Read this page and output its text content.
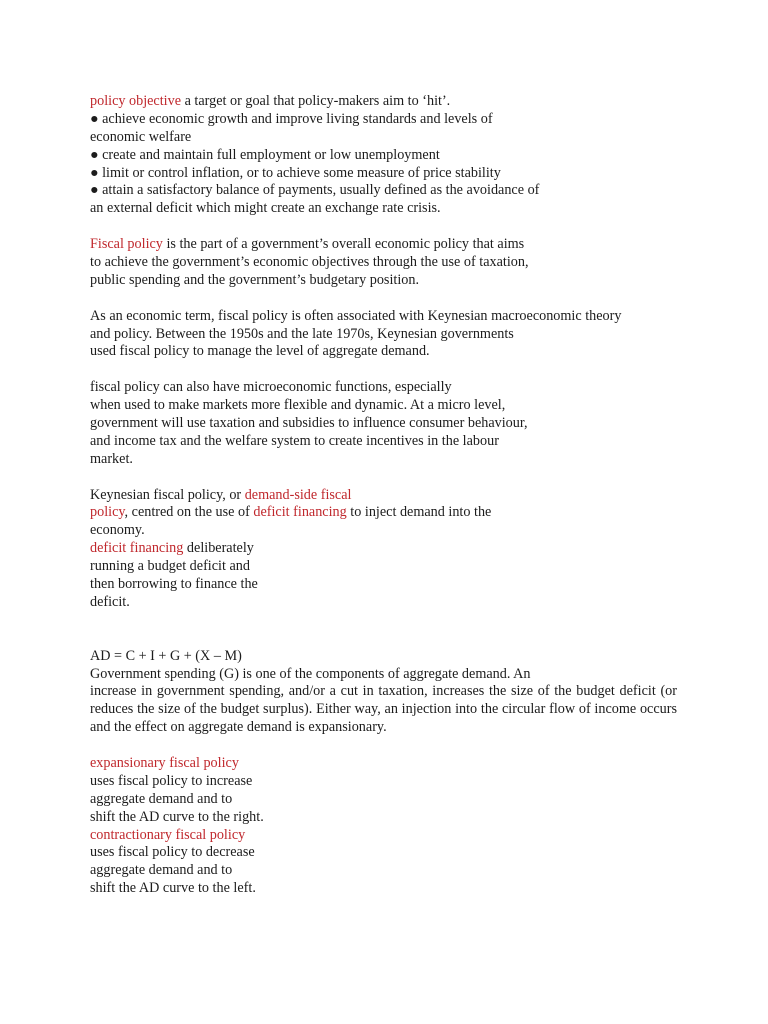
policy objective a target or goal that policy-makers aim to ‘hit’.
● achieve economic growth and improve living standards and levels of
economic welfare
● create and maintain full employment or low unemployment
● limit or control inflation, or to achieve some measure of price stability
● attain a satisfactory balance of payments, usually defined as the avoidance of
an external deficit which might create an exchange rate crisis.
Fiscal policy is the part of a government’s overall economic policy that aims
to achieve the government’s economic objectives through the use of taxation,
public spending and the government’s budgetary position.
As an economic term, fiscal policy is often associated with Keynesian macroeconomic theory
and policy. Between the 1950s and the late 1970s, Keynesian governments
used fiscal policy to manage the level of aggregate demand.
fiscal policy can also have microeconomic functions, especially
when used to make markets more flexible and dynamic. At a micro level,
government will use taxation and subsidies to influence consumer behaviour,
and income tax and the welfare system to create incentives in the labour
market.
Keynesian fiscal policy, or demand-side fiscal
policy, centred on the use of deficit financing to inject demand into the
economy.
deficit financing deliberately
running a budget deficit and
then borrowing to finance the
deficit.
AD = C + I + G + (X – M)
Government spending (G) is one of the components of aggregate demand. An
increase in government spending, and/or a cut in taxation, increases the size of the budget deficit (or reduces the size of the budget surplus). Either way, an injection into the circular flow of income occurs and the effect on aggregate demand is expansionary.
expansionary fiscal policy
uses fiscal policy to increase
aggregate demand and to
shift the AD curve to the right.
contractionary fiscal policy
uses fiscal policy to decrease
aggregate demand and to
shift the AD curve to the left.
